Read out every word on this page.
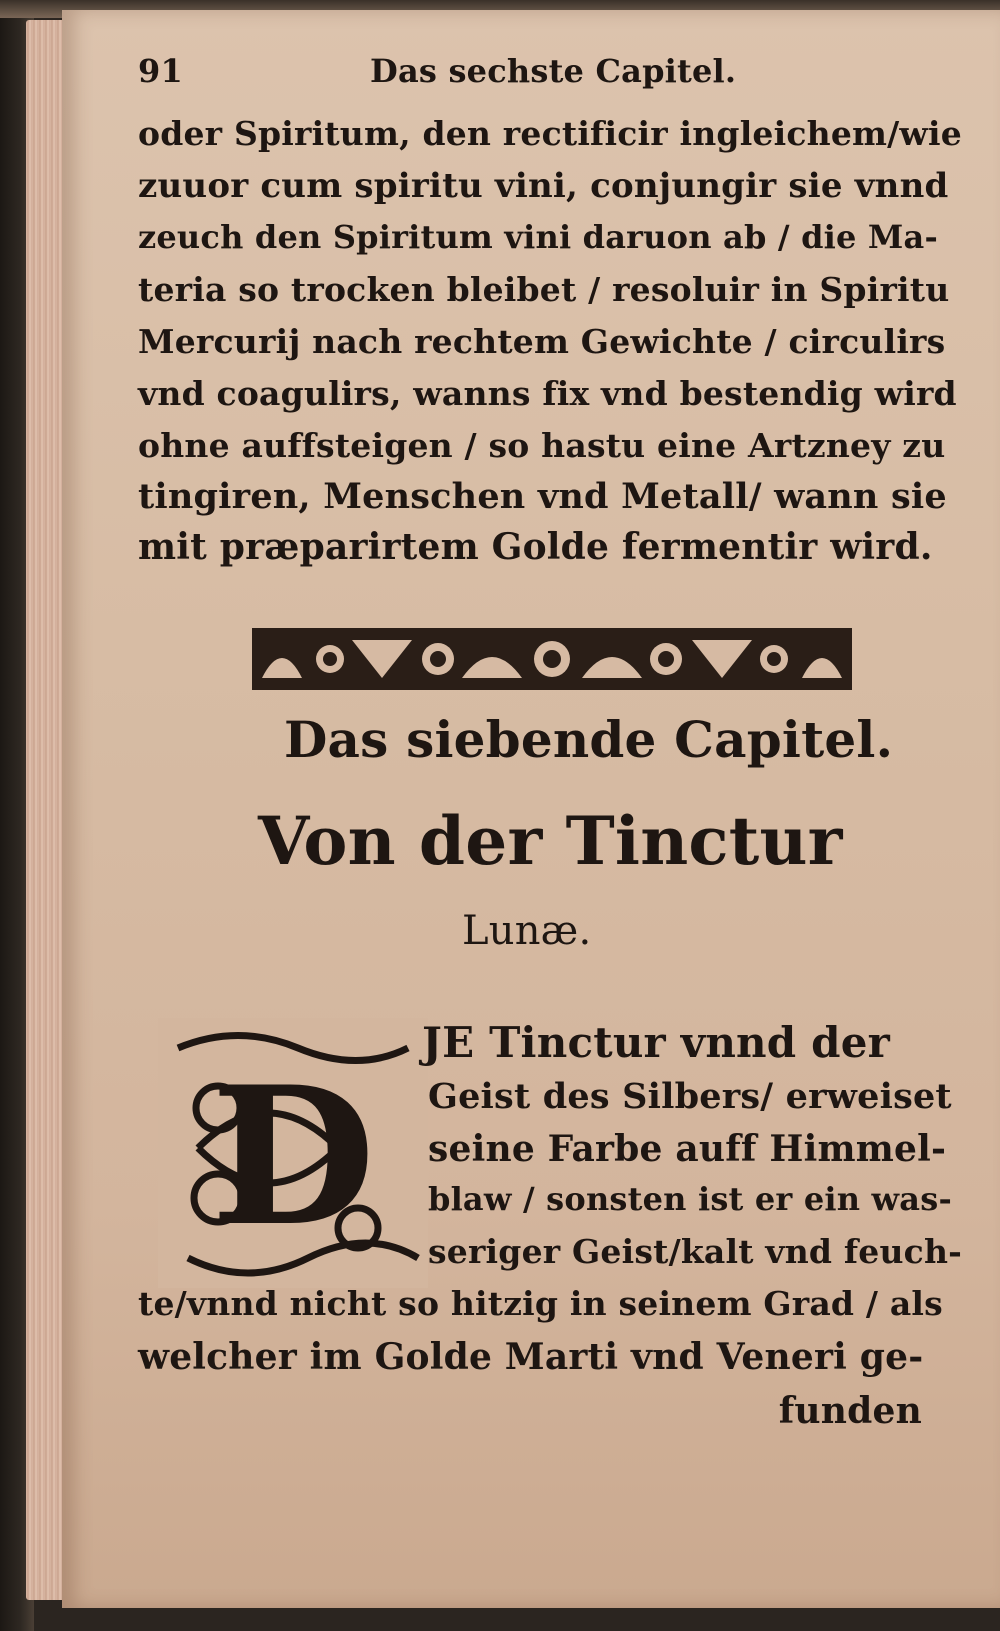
91	Das sechste Capitel.
oder Spiritum, den rectificir ingleichem/wie
zuuor cum spiritu vini, conjungir sie vnnd
zeuch den Spiritum vini daruon ab / die Ma-
teria so trocken bleibet / resoluir in Spiritu
Mercurij nach rechtem Gewichte / circulirs
vnd coagulirs, wanns fix vnd bestendig wird
ohne auffsteigen / so hastu eine Artzney zu
tingiren, Menschen vnd Metall/ wann sie
mit præparirtem Golde fermentir wird.
Das siebende Capitel.
Von der Tinctur
Lunæ.
D
JE Tinctur vnnd der
Geist des Silbers/ erweiset
seine Farbe auff Himmel-
blaw / sonsten ist er ein was-
seriger Geist/kalt vnd feuch-
te/vnnd nicht so hitzig in seinem Grad / als
welcher im Golde Marti vnd Veneri ge-
funden
